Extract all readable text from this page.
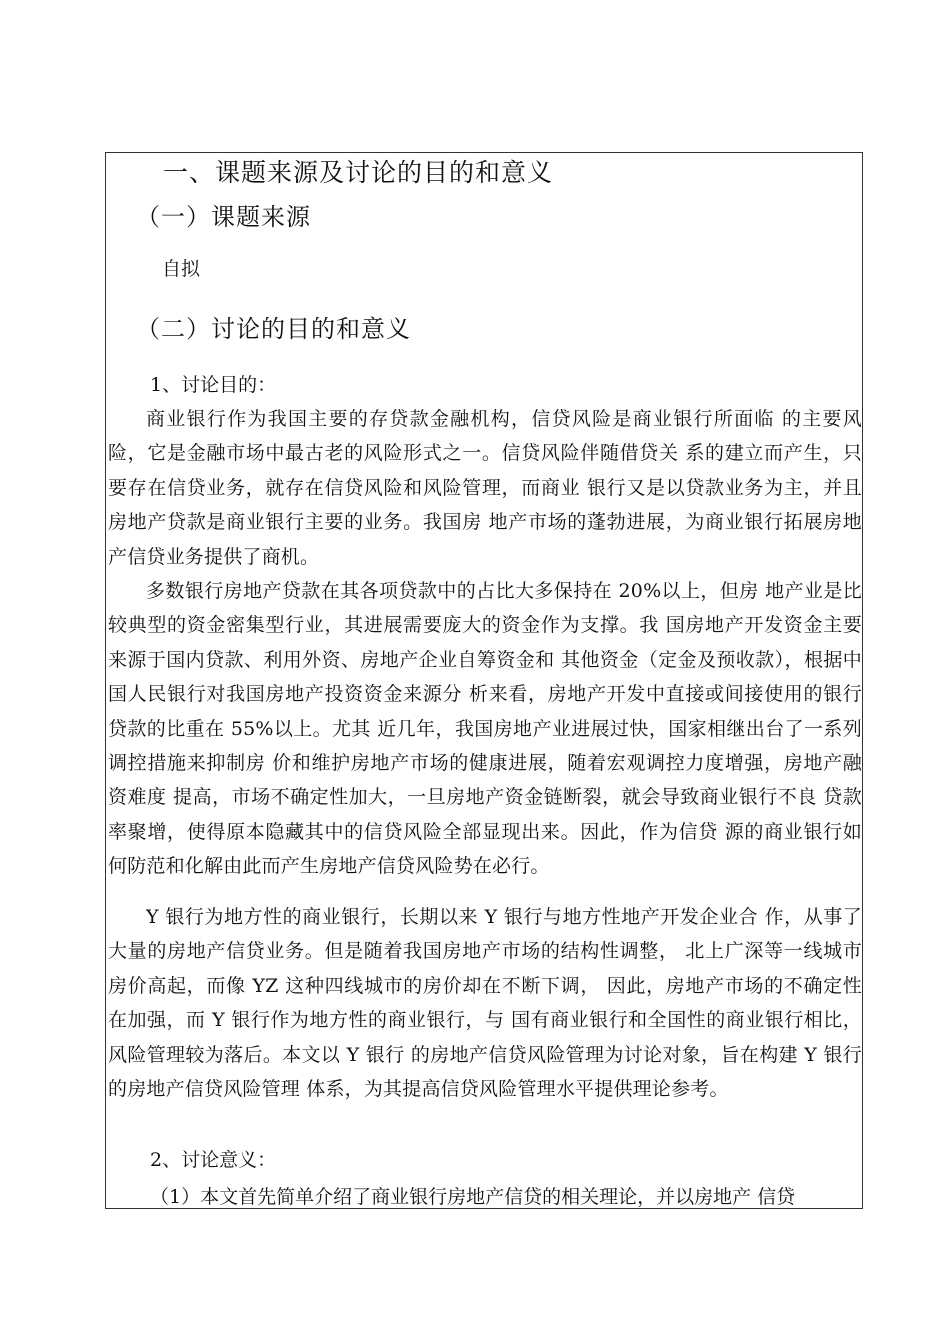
一、课题来源及讨论的目的和意义
（一）课题来源
自拟
（二）讨论的目的和意义
1、讨论目的：
商业银行作为我国主要的存贷款金融机构，信贷风险是商业银行所面临 的主要风险，它是金融市场中最古老的风险形式之一。信贷风险伴随借贷关 系的建立而产生，只要存在信贷业务，就存在信贷风险和风险管理，而商业 银行又是以贷款业务为主，并且房地产贷款是商业银行主要的业务。我国房 地产市场的蓬勃进展，为商业银行拓展房地产信贷业务提供了商机。
多数银行房地产贷款在其各项贷款中的占比大多保持在 20%以上，但房 地产业是比较典型的资金密集型行业，其进展需要庞大的资金作为支撑。我 国房地产开发资金主要来源于国内贷款、利用外资、房地产企业自筹资金和 其他资金（定金及预收款），根据中国人民银行对我国房地产投资资金来源分 析来看，房地产开发中直接或间接使用的银行贷款的比重在 55%以上。尤其 近几年，我国房地产业进展过快，国家相继出台了一系列调控措施来抑制房 价和维护房地产市场的健康进展，随着宏观调控力度增强，房地产融资难度 提高，市场不确定性加大，一旦房地产资金链断裂，就会导致商业银行不良 贷款率聚增，使得原本隐藏其中的信贷风险全部显现出来。因此，作为信贷 源的商业银行如何防范和化解由此而产生房地产信贷风险势在必行。
Y 银行为地方性的商业银行，长期以来 Y 银行与地方性地产开发企业合 作，从事了大量的房地产信贷业务。但是随着我国房地产市场的结构性调整， 北上广深等一线城市房价高起，而像 YZ 这种四线城市的房价却在不断下调， 因此，房地产市场的不确定性在加强，而 Y 银行作为地方性的商业银行，与 国有商业银行和全国性的商业银行相比，风险管理较为落后。本文以 Y 银行 的房地产信贷风险管理为讨论对象，旨在构建 Y 银行的房地产信贷风险管理 体系，为其提高信贷风险管理水平提供理论参考。
2、讨论意义：
（1）本文首先简单介绍了商业银行房地产信贷的相关理论，并以房地产 信贷
